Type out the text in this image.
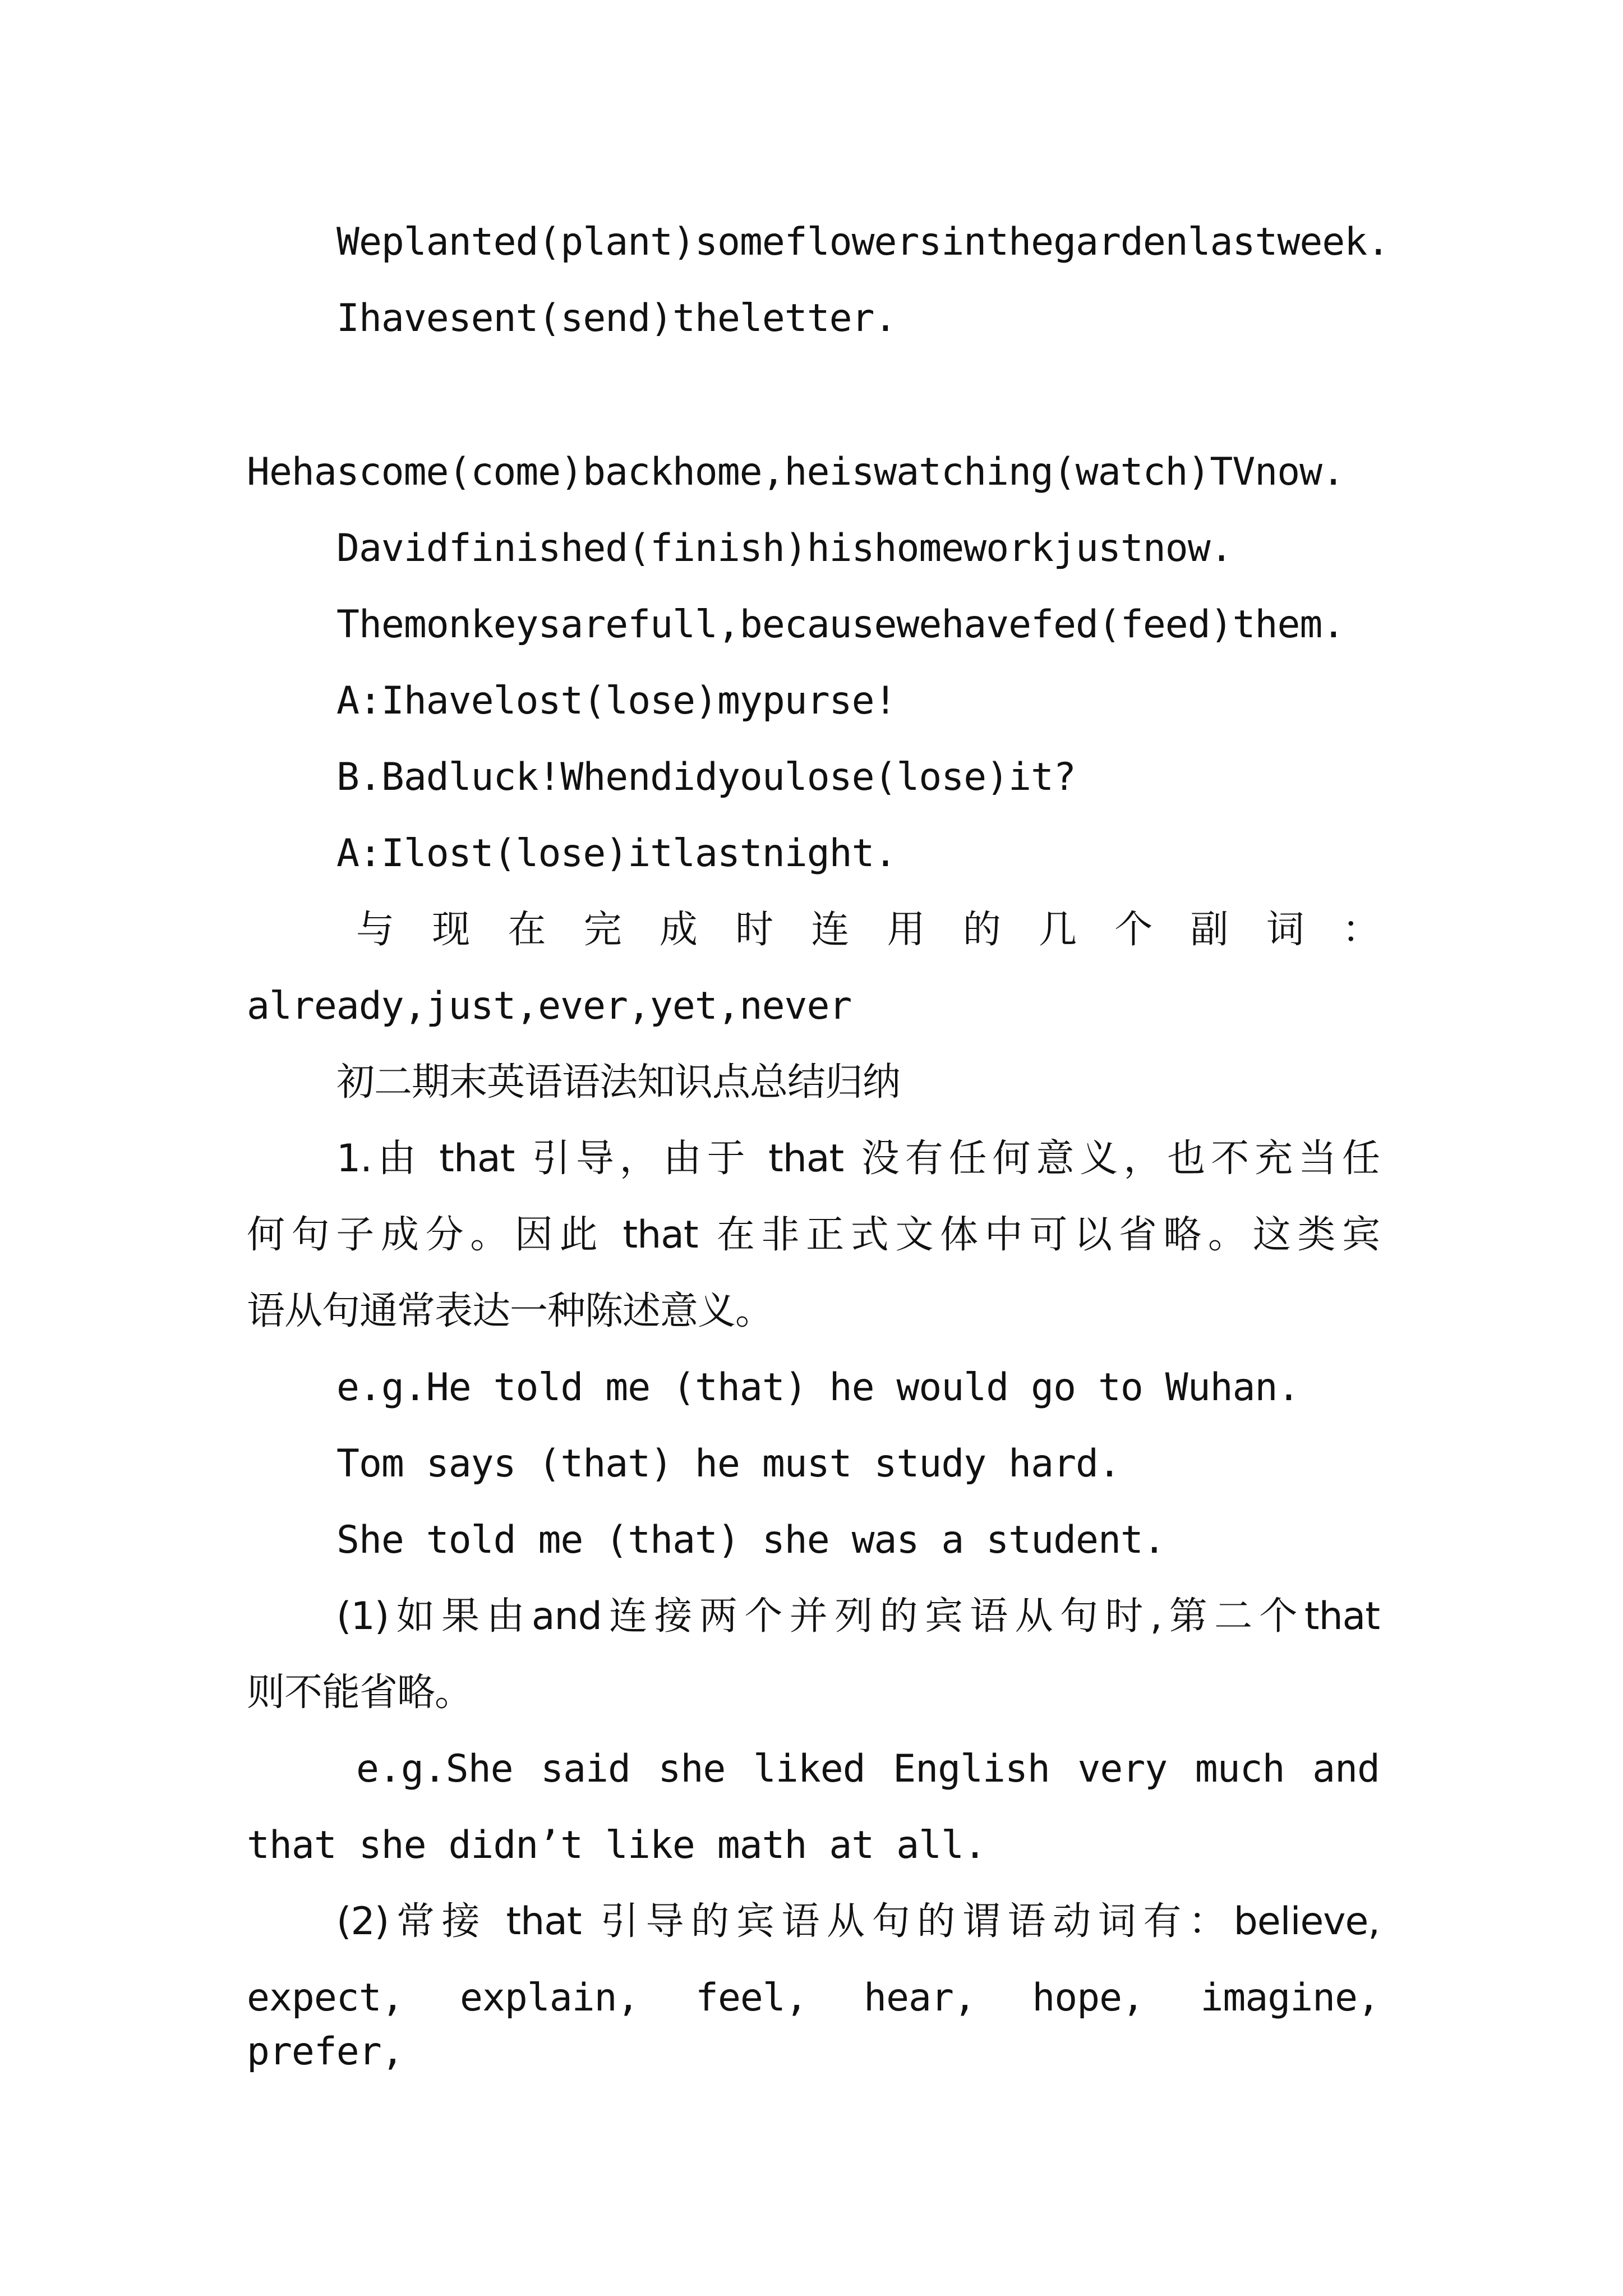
Weplanted(plant)someflowersinthegardenlastweek.
Ihavesent(send)theletter.
Hehascome(come)backhome,heiswatching(watch)TVnow.
Davidfinished(finish)hishomeworkjustnow.
Themonkeysarefull,becausewehavefed(feed)them.
A:Ihavelost(lose)mypurse!
B.Badluck!Whendidyoulose(lose)it?
A:Ilost(lose)itlastnight.
与 现 在 完 成 时 连 用 的 几 个 副 词 ：
already,just,ever,yet,never
初二期末英语语法知识点总结归纳
1.由 that 引导，由于 that 没有任何意义，也不充当任
何句子成分。因此 that 在非正式文体中可以省略。这类宾
语从句通常表达一种陈述意义。
e.g.He told me (that) he would go to Wuhan.
Tom says (that) he must study hard.
She told me (that) she was a student.
(1)如果由and连接两个并列的宾语从句时,第二个that
则不能省略。
e.g.She said she liked English very much and
that she didn’t like math at all.
(2)常接 that 引导的宾语从句的谓语动词有：believe,
expect, explain, feel, hear, hope, imagine, prefer,
